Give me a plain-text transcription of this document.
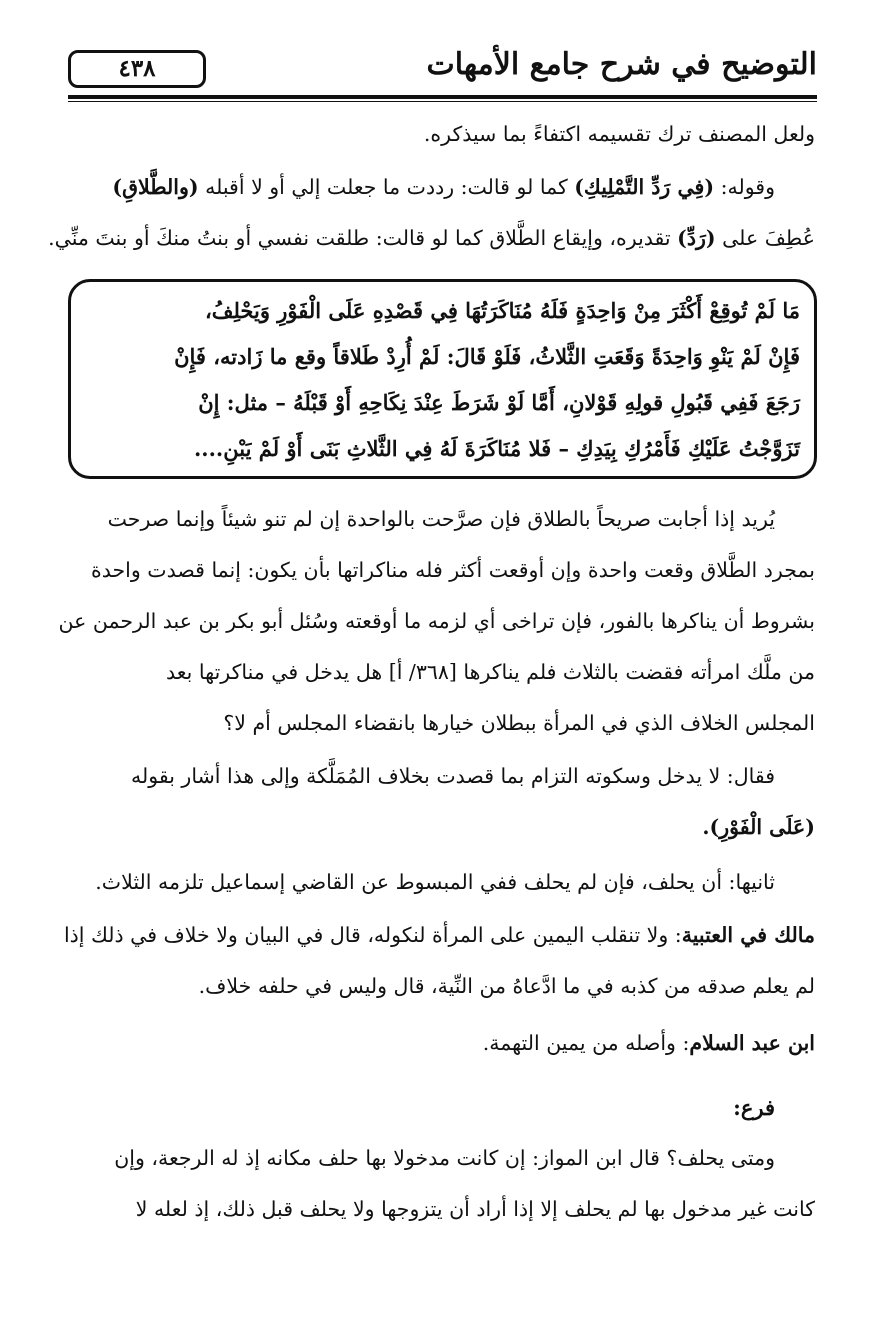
التوضيح في شرح جامع الأمهات
٤٣٨
ولعل المصنف ترك تقسيمه اكتفاءً بما سيذكره.
وقوله: (فِي رَدِّ التَّمْلِيكِ) كما لو قالت: رددت ما جعلت إلي أو لا أقبله (والطَّلاقِ)
عُطِفَ على (رَدِّ) تقديره، وإيقاع الطَّلاق كما لو قالت: طلقت نفسي أو بنتُ منكَ أو بنتَ منِّي.
مَا لَمْ تُوقِعْ أَكْثَرَ مِنْ وَاحِدَةٍ فَلَهُ مُنَاكَرَتُهَا فِي قَصْدِهِ عَلَى الْفَوْرِ وَيَحْلِفُ،
فَإِنْ لَمْ يَنْوِ وَاحِدَةً وَقَعَتِ الثَّلاثُ، فَلَوْ قَالَ: لَمْ أُرِدْ طَلاقاً وقع ما زَادته، فَإِنْ
رَجَعَ فَفِي قَبُولِ قولِهِ قَوْلانِ، أَمَّا لَوْ شَرَطَ عِنْدَ نِكَاحِهِ أَوْ قَبْلَهُ – مثل: إِنْ
تَزَوَّجْتُ عَلَيْكِ فَأَمْرُكِ بِيَدِكِ – فَلا مُنَاكَرَةَ لَهُ فِي الثَّلاثِ بَنَى أَوْ لَمْ يَبْنِ....
يُريد إذا أجابت صريحاً بالطلاق فإن صرَّحت بالواحدة إن لم تنو شيئاً وإنما صرحت
بمجرد الطَّلاق وقعت واحدة وإن أوقعت أكثر فله مناكراتها بأن يكون: إنما قصدت واحدة
بشروط أن يناكرها بالفور، فإن تراخى أي لزمه ما أوقعته وسُئل أبو بكر بن عبد الرحمن عن
من ملَّك امرأته فقضت بالثلاث فلم يناكرها [٣٦٨/ أ] هل يدخل في مناكرتها بعد
المجلس الخلاف الذي في المرأة ببطلان خيارها بانقضاء المجلس أم لا؟
فقال: لا يدخل وسكوته التزام بما قصدت بخلاف المُمَلَّكة وإلى هذا أشار بقوله
(عَلَى الْفَوْرِ).
ثانيها: أن يحلف، فإن لم يحلف ففي المبسوط عن القاضي إسماعيل تلزمه الثلاث.
مالك في العتبية: ولا تنقلب اليمين على المرأة لنكوله، قال في البيان ولا خلاف في ذلك إذا
لم يعلم صدقه من كذبه في ما ادَّعاهُ من النِّية، قال وليس في حلفه خلاف.
ابن عبد السلام: وأصله من يمين التهمة.
فرع:
ومتى يحلف؟ قال ابن المواز: إن كانت مدخولا بها حلف مكانه إذ له الرجعة، وإن
كانت غير مدخول بها لم يحلف إلا إذا أراد أن يتزوجها ولا يحلف قبل ذلك، إذ لعله لا
